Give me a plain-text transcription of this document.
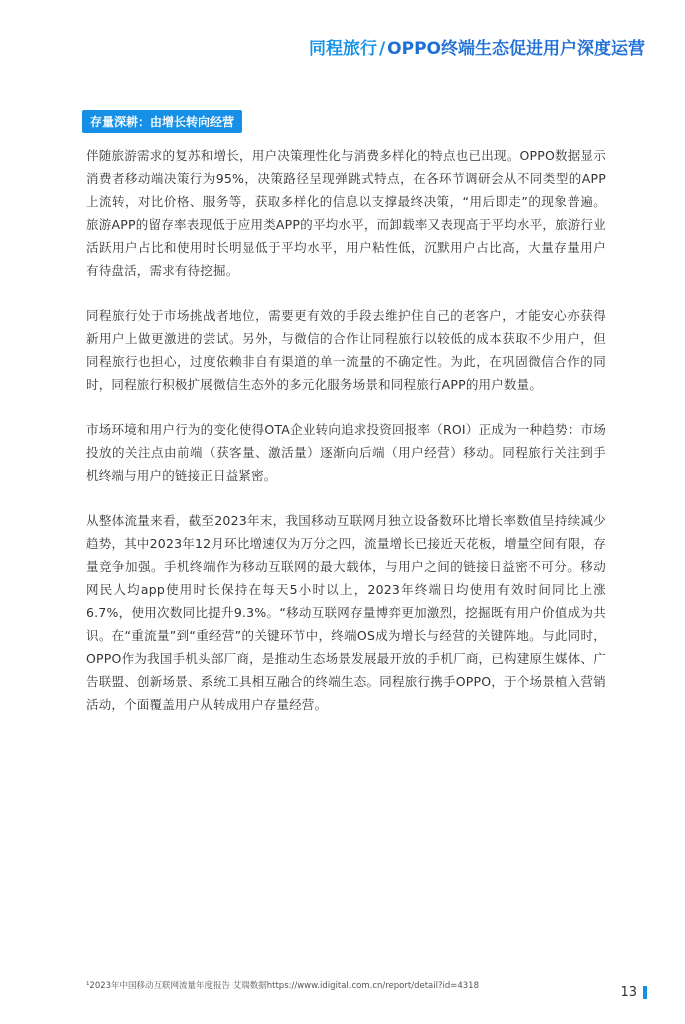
同程旅行 / OPPO终端生态促进用户深度运营
存量深耕：由增长转向经营

伴随旅游需求的复苏和增长，用户决策理性化与消费多样化的特点也已出现。OPPO数据显示消费者移动端决策行为95%，决策路径呈现弹跳式特点，在各环节调研会从不同类型的APP上流转，对比价格、服务等，获取多样化的信息以支撑最终决策，“用后即走”的现象普遍。旅游APP的留存率表现低于应用类APP的平均水平，而卸载率又表现高于平均水平，旅游行业活跃用户占比和使用时长明显低于平均水平，用户粘性低，沉默用户占比高，大量存量用户有待盘活，需求有待挖掘。

同程旅行处于市场挑战者地位，需要更有效的手段去维护住自己的老客户，才能安心亦获得新用户上做更激进的尝试。另外，与微信的合作让同程旅行以较低的成本获取不少用户，但同程旅行也担心，过度依赖非自有渠道的单一流量的不确定性。为此，在巩固微信合作的同时，同程旅行积极扩展微信生态外的多元化服务场景和同程旅行APP的用户数量。

市场环境和用户行为的变化使得OTA企业转向追求投资回报率（ROI）正成为一种趋势：市场投放的关注点由前端（获客量、激活量）逐渐向后端（用户经营）移动。同程旅行关注到手机终端与用户的链接正日益紧密。

从整体流量来看，截至2023年末，我国移动互联网月独立设备数环比增长率数值呈持续减少趋势，其中2023年12月环比增速仅为万分之四，流量增长已接近天花板，增量空间有限，存量竞争加强。手机终端作为移动互联网的最大载体，与用户之间的链接日益密不可分。移动网民人均app使用时长保持在每天5小时以上，2023年终端日均使用有效时间同比上涨6.7%，使用次数同比提升9.3%。“移动互联网存量博弈更加激烈，挖掘既有用户价值成为共识。在“重流量”到“重经营”的关键环节中，终端OS成为增长与经营的关键阵地。与此同时，OPPO作为我国手机头部厂商，是推动生态场景发展最开放的手机厂商，已构建原生媒体、广告联盟、创新场景、系统工具相互融合的终端生态。同程旅行携手OPPO，于个场景植入营销活动，个面覆盖用户从转成用户存量经营。

¹2023年中国移动互联网流量年度报告 艾瑞数据https://www.idigital.com.cn/report/detail?id=4318	13
